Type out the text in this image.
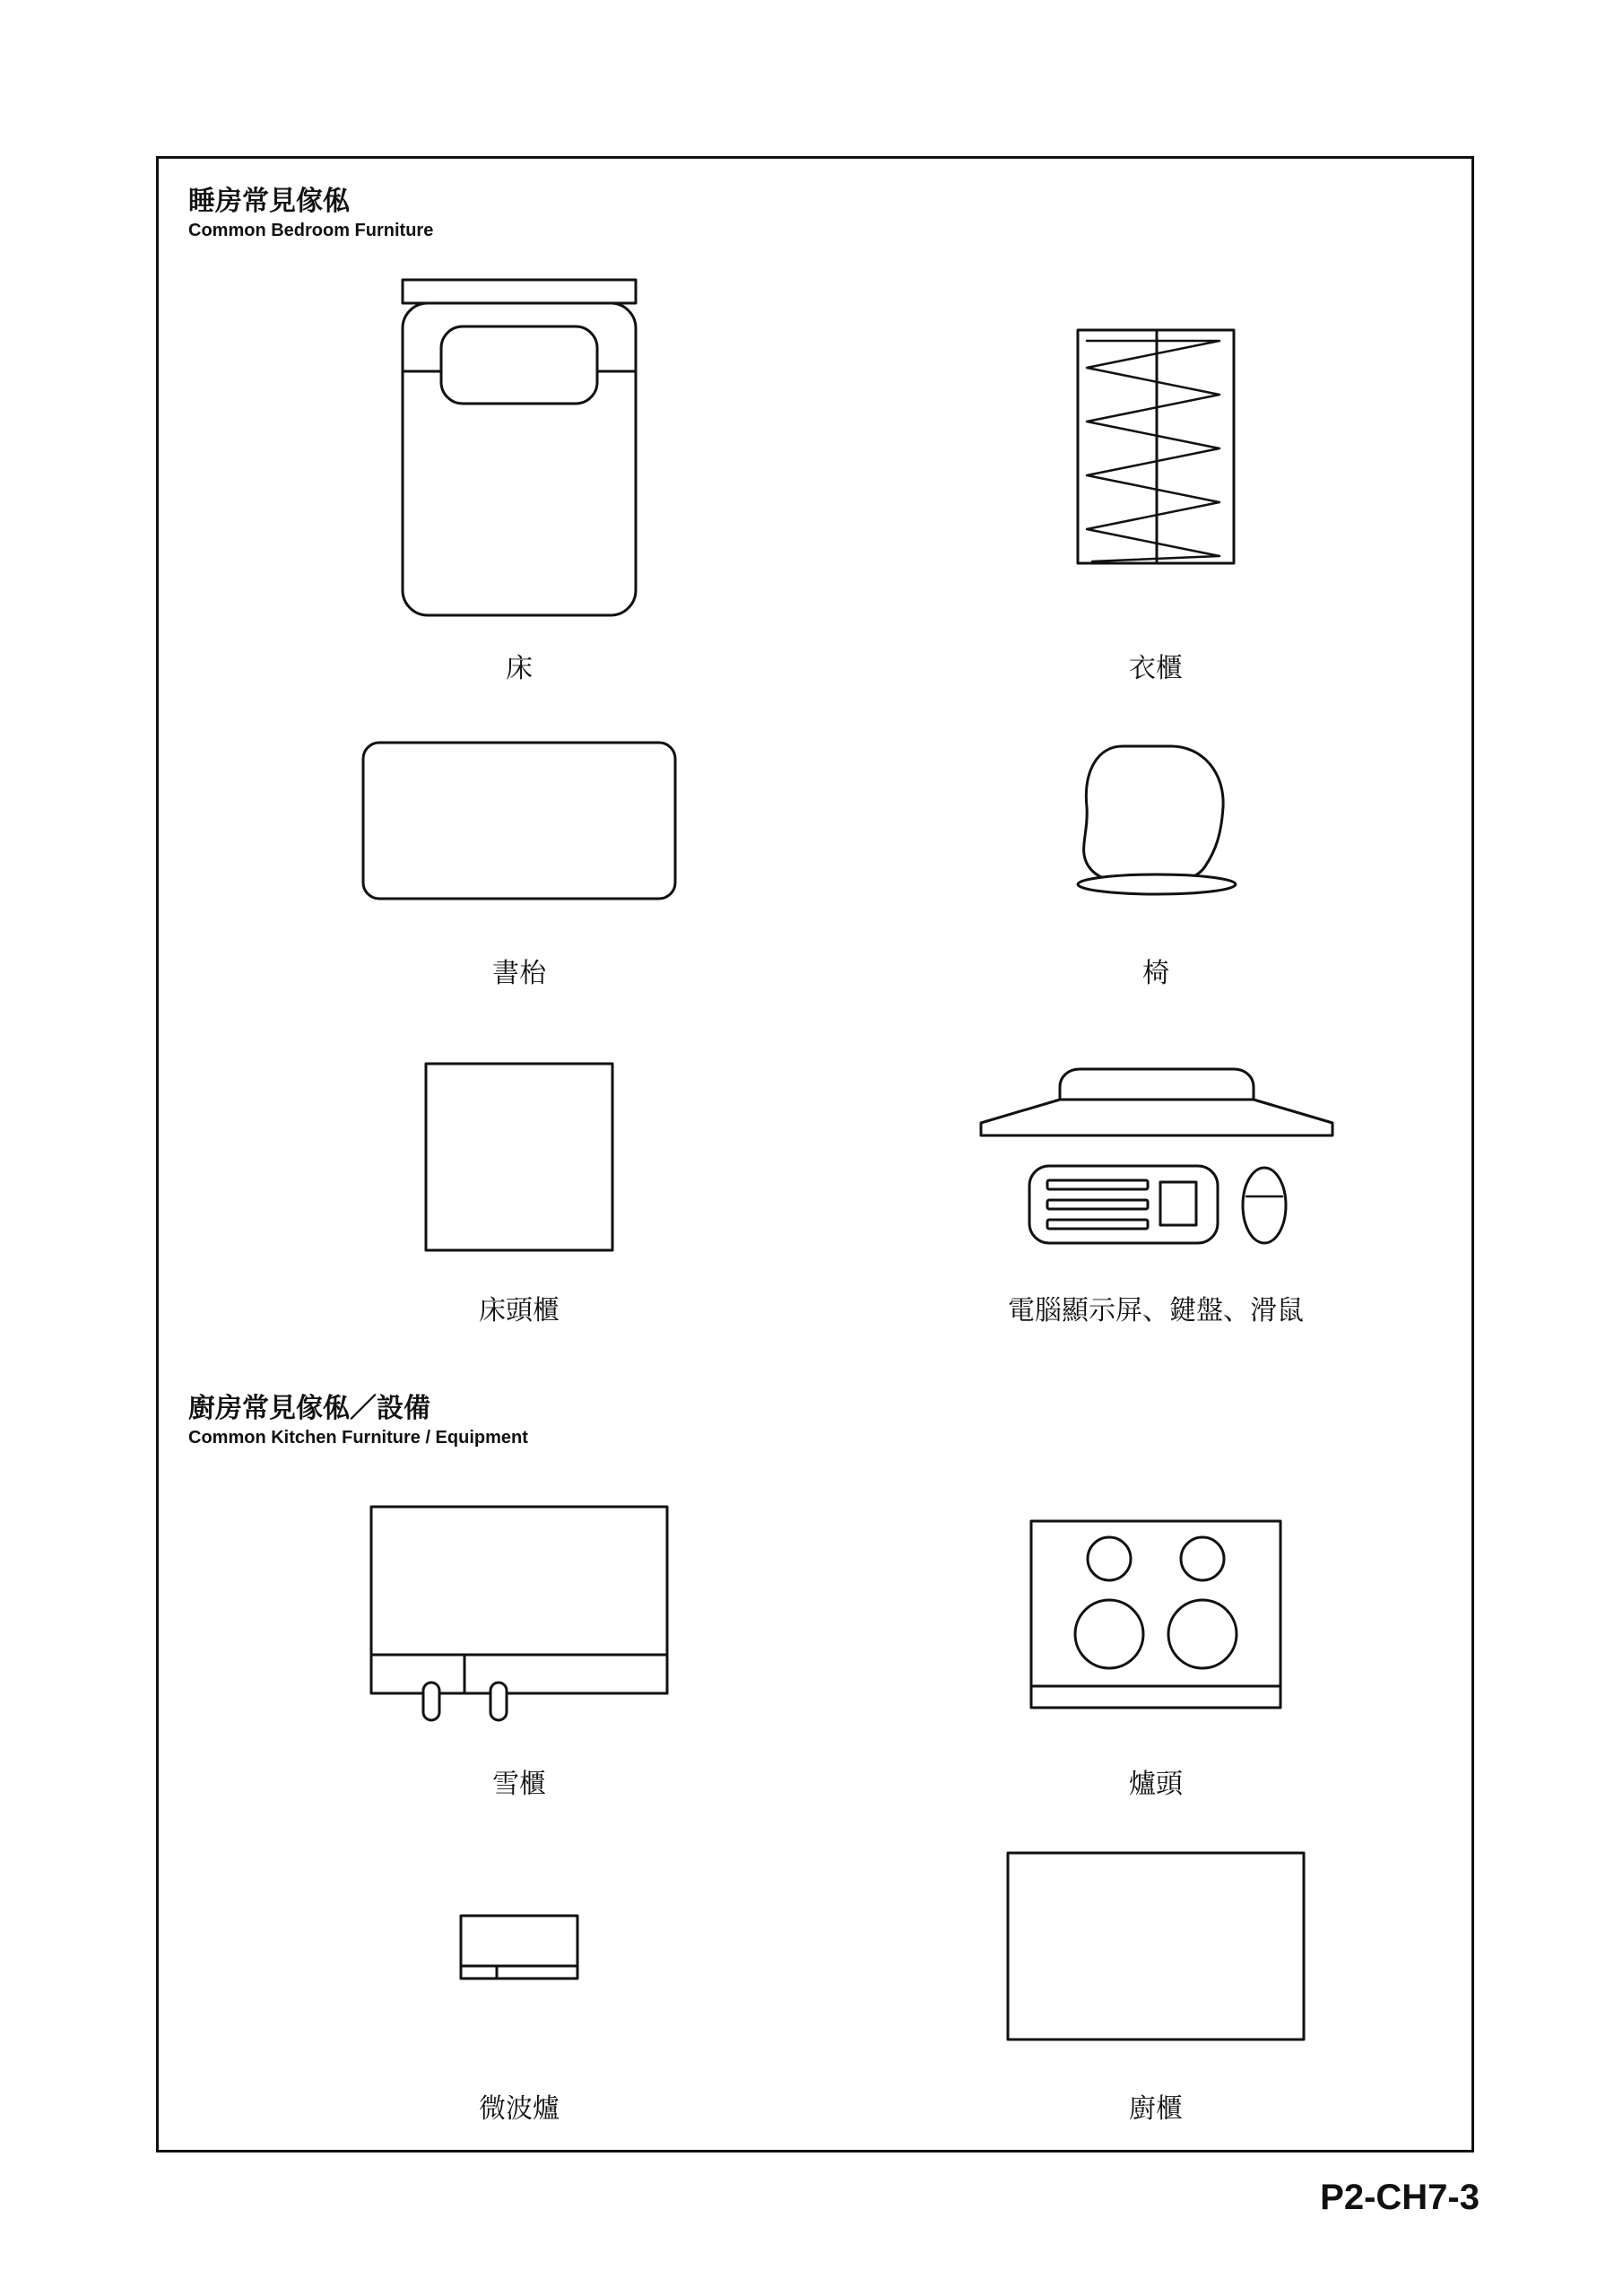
睡房常見傢俬
Common Bedroom Furniture
廚房常見傢俬／設備
Common Kitchen Furniture / Equipment

床	衣櫃

書枱	椅

床頭櫃	電腦顯示屏、鍵盤、滑鼠

雪櫃	爐頭

微波爐	廚櫃

P2-CH7-3
